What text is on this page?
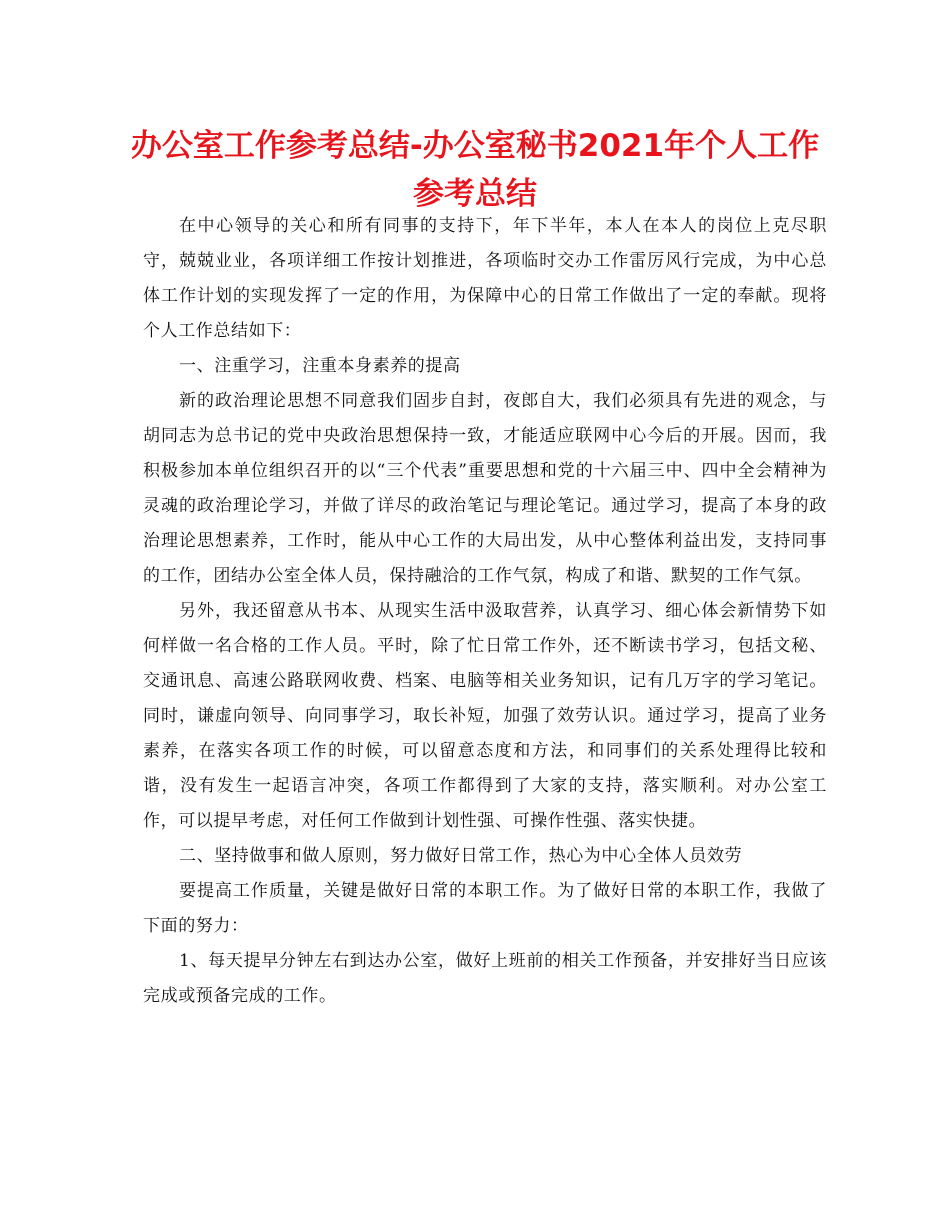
办公室工作参考总结-办公室秘书2021年个人工作参考总结

在中心领导的关心和所有同事的支持下，年下半年，本人在本人的岗位上克尽职守，兢兢业业，各项详细工作按计划推进，各项临时交办工作雷厉风行完成，为中心总体工作计划的实现发挥了一定的作用，为保障中心的日常工作做出了一定的奉献。现将个人工作总结如下：

一、注重学习，注重本身素养的提高

新的政治理论思想不同意我们固步自封，夜郎自大，我们必须具有先进的观念，与胡同志为总书记的党中央政治思想保持一致，才能适应联网中心今后的开展。因而，我积极参加本单位组织召开的以“三个代表”重要思想和党的十六届三中、四中全会精神为灵魂的政治理论学习，并做了详尽的政治笔记与理论笔记。通过学习，提高了本身的政治理论思想素养，工作时，能从中心工作的大局出发，从中心整体利益出发，支持同事的工作，团结办公室全体人员，保持融洽的工作气氛，构成了和谐、默契的工作气氛。

另外，我还留意从书本、从现实生活中汲取营养，认真学习、细心体会新情势下如何样做一名合格的工作人员。平时，除了忙日常工作外，还不断读书学习，包括文秘、交通讯息、高速公路联网收费、档案、电脑等相关业务知识，记有几万字的学习笔记。同时，谦虚向领导、向同事学习，取长补短，加强了效劳认识。通过学习，提高了业务素养，在落实各项工作的时候，可以留意态度和方法，和同事们的关系处理得比较和谐，没有发生一起语言冲突，各项工作都得到了大家的支持，落实顺利。对办公室工作，可以提早考虑，对任何工作做到计划性强、可操作性强、落实快捷。

二、坚持做事和做人原则，努力做好日常工作，热心为中心全体人员效劳

要提高工作质量，关键是做好日常的本职工作。为了做好日常的本职工作，我做了下面的努力：

1、每天提早分钟左右到达办公室，做好上班前的相关工作预备，并安排好当日应该完成或预备完成的工作。
